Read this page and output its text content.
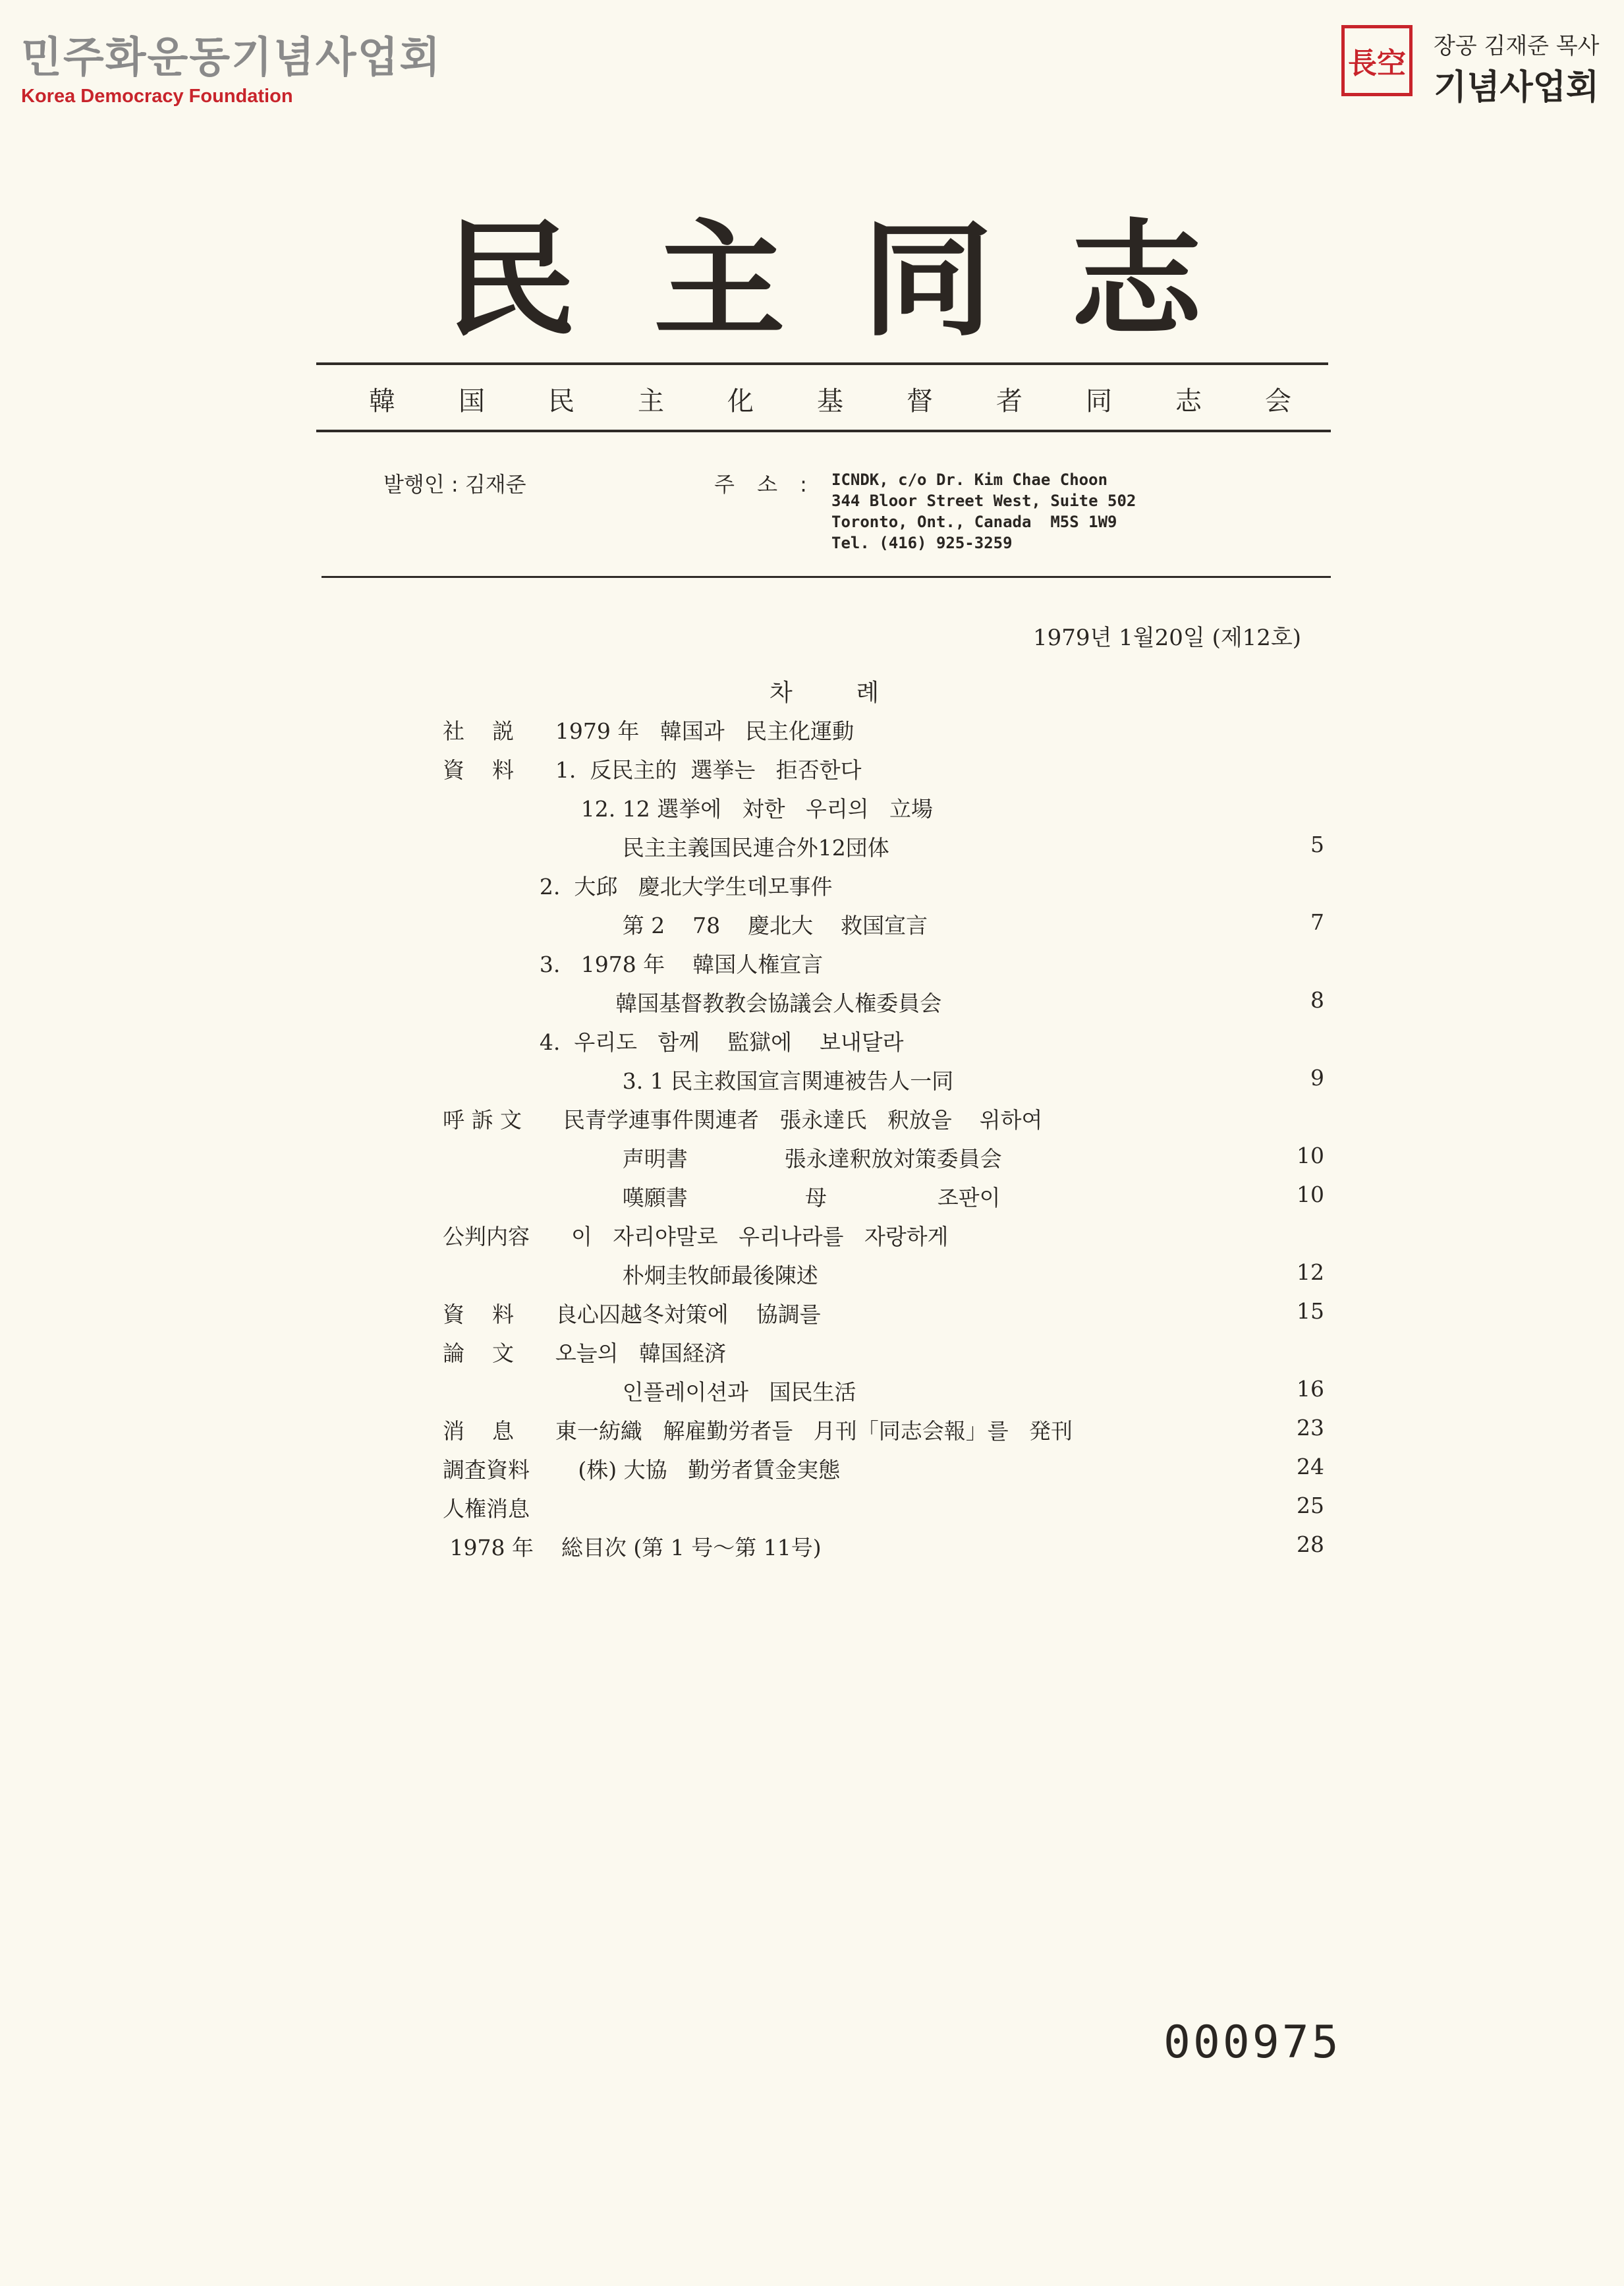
민주화운동기념사업회
Korea Democracy Foundation
長空
장공 김재준 목사
기념사업회
民 主 同 志
韓 国 民 主 化 基 督 者 同 志 会
발행인 : 김재준	주 소 : ICNDK, c/o Dr. Kim Chae Choon
344 Bloor Street West, Suite 502
Toronto, Ont., Canada  M5S 1W9
Tel. (416) 925-3259
1979년 1월20일 (제12호)
차      례
社    説      1979 年   韓国과   民主化運動
資    料      1.  反民主的  選挙는   拒否한다
12. 12 選挙에   対한   우리의   立場
民主主義国民連合外12団体	5
2.  大邱   慶北大学生데모事件
第 2    78    慶北大    救国宣言	7
3.   1978 年    韓国人権宣言
韓国基督教教会協議会人権委員会	8
4.  우리도   함께    監獄에    보내달라
3. 1 民主救国宣言関連被告人一同	9
呼 訴 文      民青学連事件関連者   張永達氏   釈放을    위하여
声明書              張永達釈放対策委員会	10
嘆願書                 母                조판이	10
公判内容      이   자리야말로   우리나라를   자랑하게
朴炯圭牧師最後陳述	12
資    料      良心囚越冬対策에    協調를	15
論    文      오늘의   韓国経済
인플레이션과   国民生活	16
消    息      東一紡織   解雇勤労者들   月刊「同志会報」를   発刊	23
調査資料       (株) 大協   勤労者賃金実態	24
人権消息	25
1978 年    総目次 (第 1 号～第 11号)	28
000975
